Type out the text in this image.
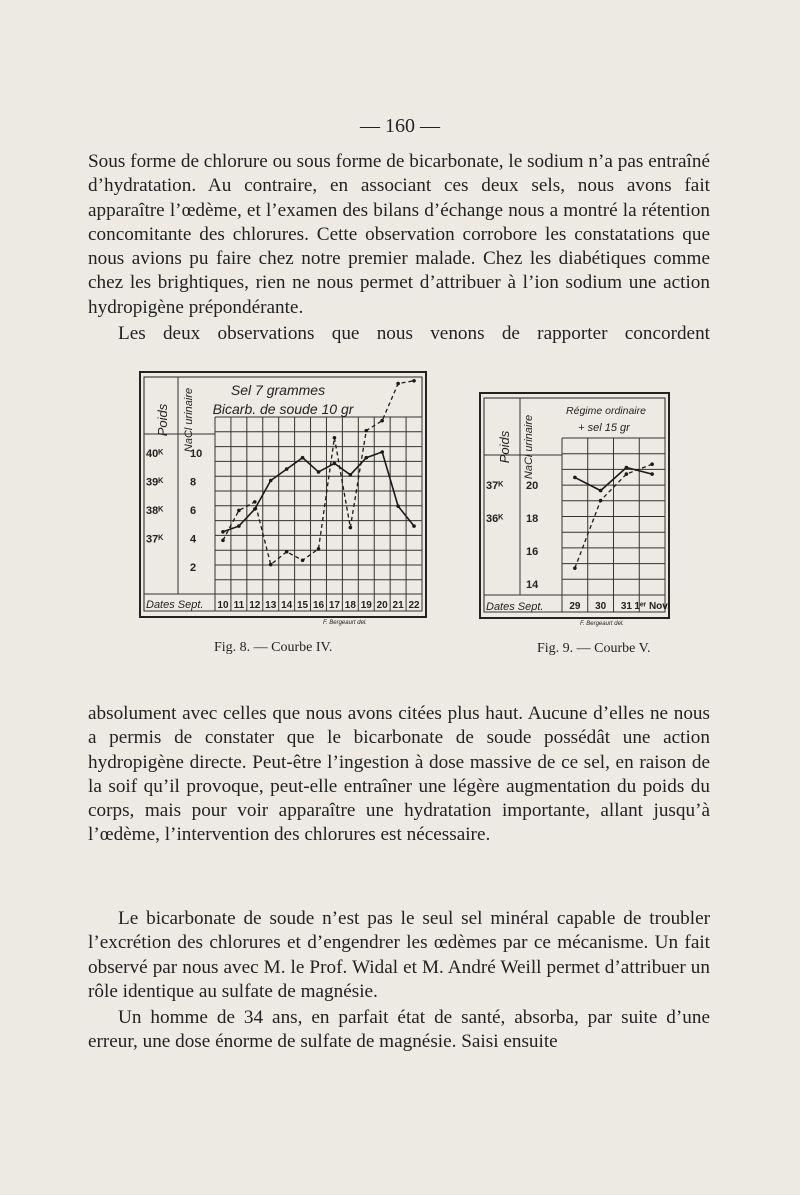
— 160 —

Sous forme de chlorure ou sous forme de bicarbonate, le sodium n’a pas entraîné d’hydratation. Au contraire, en associant ces deux sels, nous avons fait apparaître l’œdème, et l’examen des bilans d’échange nous a montré la rétention concomitante des chlorures. Cette observation corrobore les constatations que nous avions pu faire chez notre premier malade. Chez les diabétiques comme chez les brightiques, rien ne nous permet d’attribuer à l’ion sodium une action hydropigène prépondérante.

Les deux observations que nous venons de rapporter concordent

Poids NaCl urinaire	Sel 7 grammes
Bicarb. de soude 10 gr
Dates Sept.
F. Bergeaurt del.
10 11 12 13 14 15 16 17 18 19 20 21 22
40ᴷ
39ᴷ
38ᴷ
37ᴷ
10
8
6
4
2
Fig. 8. — Courbe IV.
Poids NaCl urinaire
Régime ordinaire
+ sel 15 gr
Dates Sept.
F. Bergeaurt del.
29 30 31 1ᵉʳ Nov.
37ᴷ
36ᴷ
20
18
16
14
Fig. 9. — Courbe V.

absolument avec celles que nous avons citées plus haut. Aucune d’elles ne nous a permis de constater que le bicarbonate de soude possédât une action hydropigène directe. Peut-être l’ingestion à dose massive de ce sel, en raison de la soif qu’il provoque, peut-elle entraîner une légère augmentation du poids du corps, mais pour voir apparaître une hydratation importante, allant jusqu’à l’œdème, l’intervention des chlorures est nécessaire.

Le bicarbonate de soude n’est pas le seul sel minéral capable de troubler l’excrétion des chlorures et d’engendrer les œdèmes par ce mécanisme. Un fait observé par nous avec M. le Prof. Widal et M. André Weill permet d’attribuer un rôle identique au sulfate de magnésie.

Un homme de 34 ans, en parfait état de santé, absorba, par suite d’une erreur, une dose énorme de sulfate de magnésie. Saisi ensuite
